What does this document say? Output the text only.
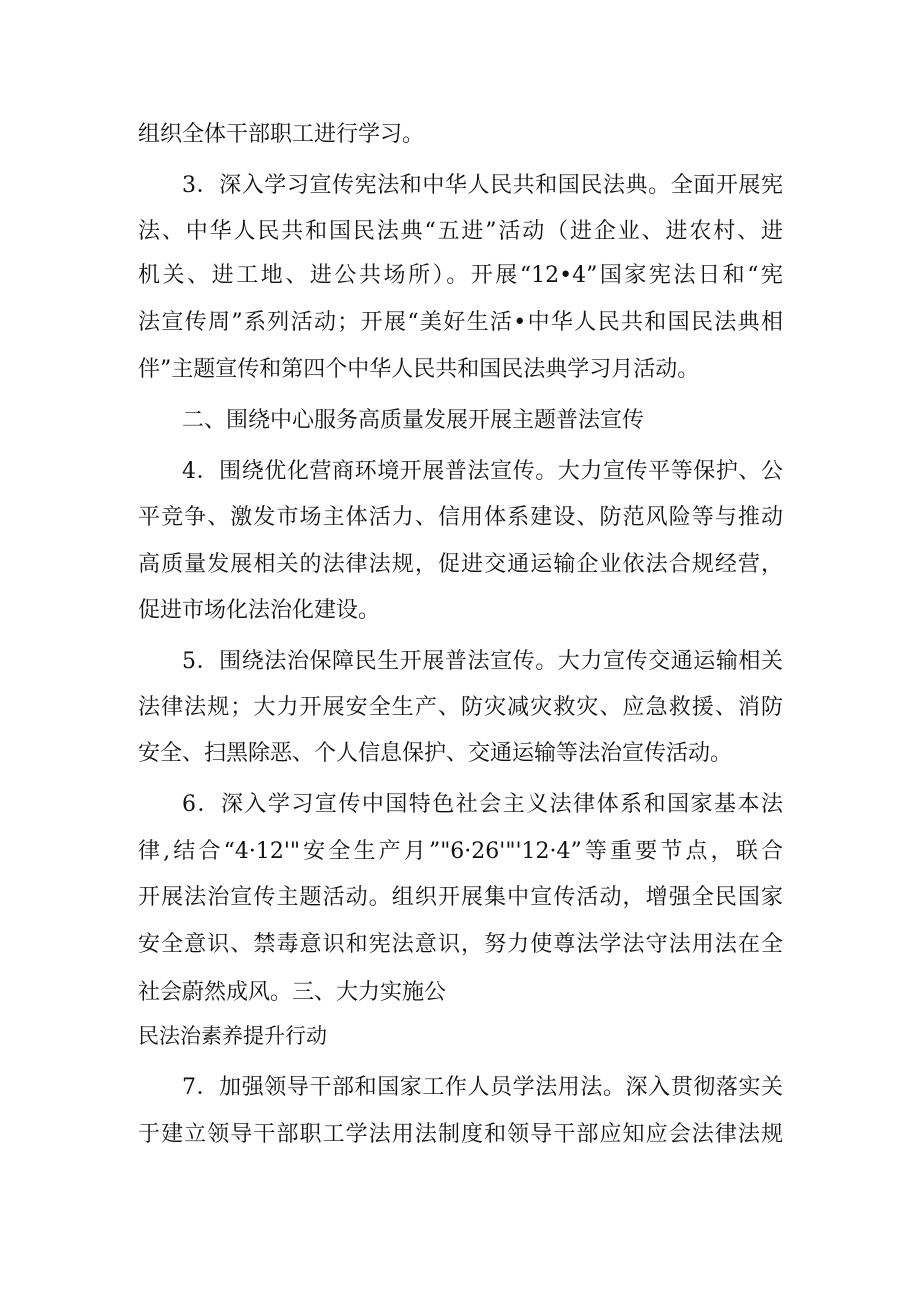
组织全体干部职工进行学习。
3．深入学习宣传宪法和中华人民共和国民法典。全面开展宪
法、中华人民共和国民法典“五进”活动（进企业、进农村、进
机关、进工地、进公共场所）。开展“12•4”国家宪法日和“宪
法宣传周”系列活动；开展“美好生活•中华人民共和国民法典相
伴”主题宣传和第四个中华人民共和国民法典学习月活动。
二、围绕中心服务高质量发展开展主题普法宣传
4．围绕优化营商环境开展普法宣传。大力宣传平等保护、公
平竞争、激发市场主体活力、信用体系建设、防范风险等与推动
高质量发展相关的法律法规，促进交通运输企业依法合规经营，
促进市场化法治化建设。
5．围绕法治保障民生开展普法宣传。大力宣传交通运输相关
法律法规；大力开展安全生产、防灾减灾救灾、应急救援、消防
安全、扫黑除恶、个人信息保护、交通运输等法治宣传活动。
6．深入学习宣传中国特色社会主义法律体系和国家基本法
律,结合“4·12'"安全生产月”"6·26'"'12·4”等重要节点，联合
开展法治宣传主题活动。组织开展集中宣传活动，增强全民国家
安全意识、禁毒意识和宪法意识，努力使尊法学法守法用法在全
社会蔚然成风。三、大力实施公
民法治素养提升行动
7．加强领导干部和国家工作人员学法用法。深入贯彻落实关
于建立领导干部职工学法用法制度和领导干部应知应会法律法规
